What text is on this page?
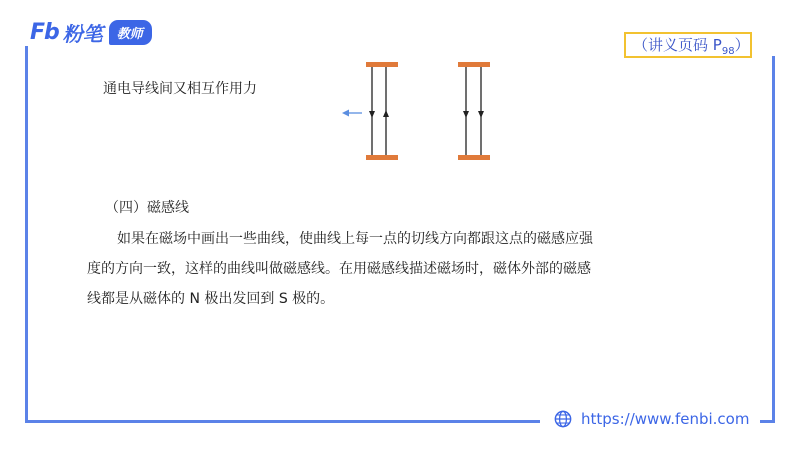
Fb 粉笔	教师
（讲义页码 $P_{98}$）
通电导线间又相互作用力
（四）磁感线
如果在磁场中画出一些曲线，使曲线上每一点的切线方向都跟这点的磁感应强
度的方向一致，这样的曲线叫做磁感线。在用磁感线描述磁场时，磁体外部的磁感
线都是从磁体的 N 极出发回到 S 极的。
https://www.fenbi.com
